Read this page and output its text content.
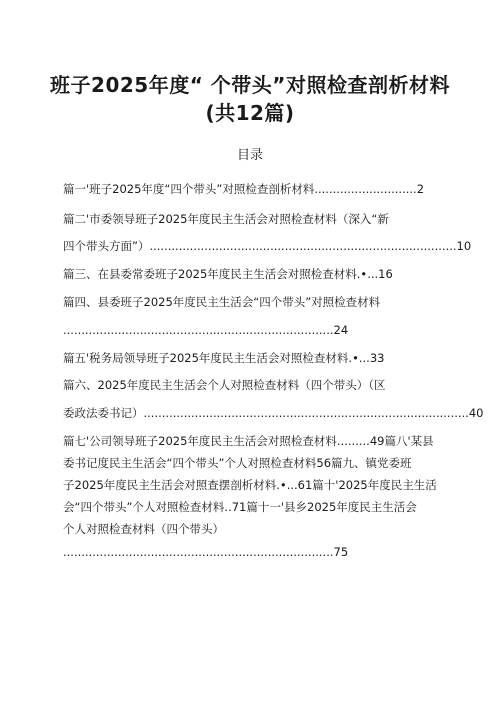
班子2025年度“ 个带头”对照检查剖析材料
(共12篇)
目录
篇一'班子2025年度“四个带头”对照检查剖析材料............................2
篇二'市委领导班子2025年度民主生活会对照检查材料（深入“新
四个带头方面”）....................................................................................10
篇三、在县委常委班子2025年度民主生活会对照检查材料.•...16
篇四、县委班子2025年度民主生活会“四个带头”对照检查材料
..........................................................................24
篇五'税务局领导班子2025年度民主生活会对照检查材料.•...33
篇六、2025年度民主生活会个人对照检查材料（四个带头）（区
委政法委书记）.........................................................................................40
篇七'公司领导班子2025年度民主生活会对照检查材料.........49篇八'某县
委书记度民主生活会“四个带头”个人对照检查材料56篇九、镇党委班
子2025年度民主生活会对照查摆剖析材料.•...61篇十'2025年度民主生活
会“四个带头”个人对照检查材料..71篇十一'县乡2025年度民主生活会
个人对照检查材料（四个带头）
..........................................................................75
